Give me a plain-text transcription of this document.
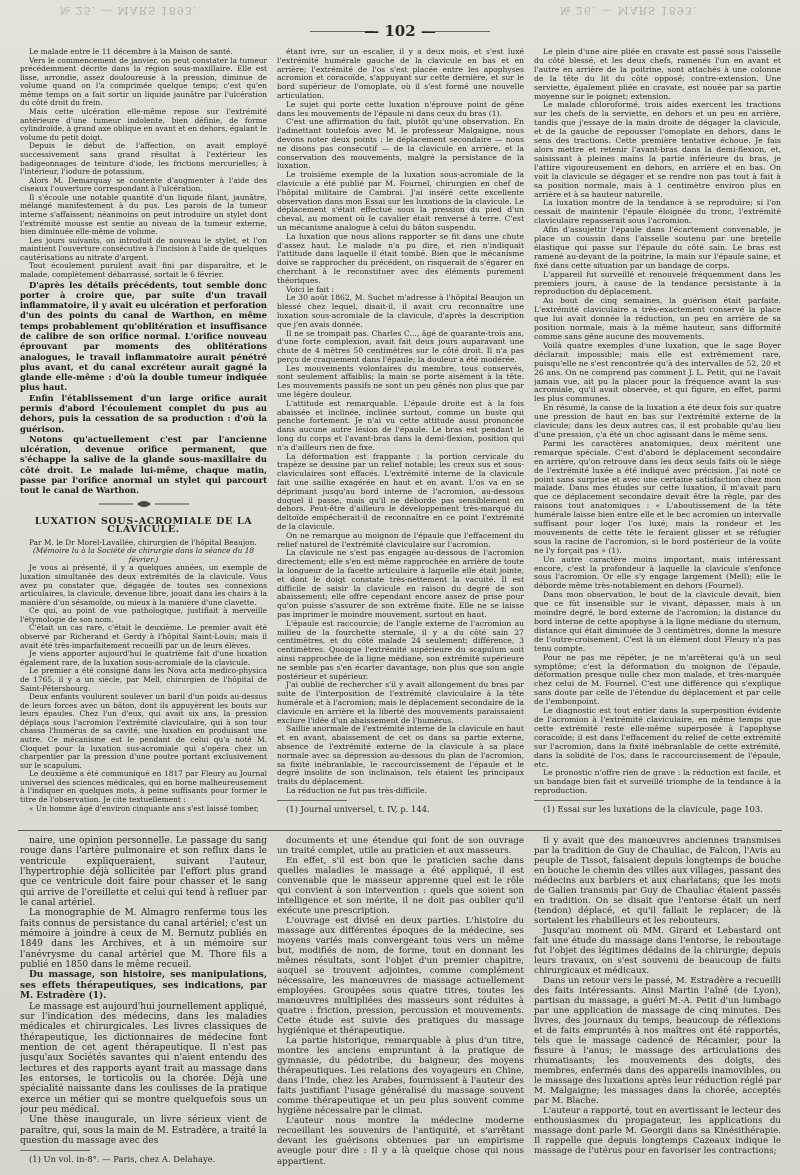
№ 25. — MARS 1893.	№ 26. — MARS 1893.
— 102 —

Le malade entre le 11 décembre à la Maison de santé.

Vers le commencement de janvier, on peut constater la tumeur précédemment décrite dans la région sous-maxillaire. Elle est lisse, arrondie, assez douloureuse à la pression, diminue de volume quand on l'a comprimée quelque temps; c'est qu'en même temps on a fait sortir un liquide jaunâtre par l'ulcération du côté droit du frein.

Mais cette ulcération elle-même repose sur l'extrémité antérieure d'une tumeur indolente, bien définie, de forme cylindroïde, à grand axe oblique en avant et en dehors, égalant le volume du petit doigt.

Depuis le début de l'affection, on avait employé successivement sans grand résultat à l'extérieur les badigeonnages de teinture d'iode, les frictions mercurielles; à l'intérieur, l'iodure de potassium.

Alors M. Demarquay se contente d'augmenter à l'aide des ciseaux l'ouverture correspondant à l'ulcération.

Il s'écoule une notable quantité d'un liquide filant, jaunâtre, mélangé manifestement à du pus. Les parois de la tumeur interne s'affaissent; néanmoins on peut introduire un stylet dont l'extrémité mousse est sentie au niveau de la tumeur externe, bien diminuée elle-même de volume.

Les jours suivants, on introduit de nouveau le stylet, et l'on maintient l'ouverture consécutive à l'incision à l'aide de quelques cautérisations au nitrate d'argent.

Tout écoulement purulent avait fini par disparaître, et le malade, complètement débarrassé, sortait le 6 février.

D'après les détails précédents, tout semble donc porter à croire que, par suite d'un travail inflammatoire, il y avait eu ulcération et perforation d'un des points du canal de Warthon, en même temps probablement qu'oblitération et insuffisance de calibre de son orifice normal. L'orifice nouveau éprouvant par moments des oblitérations analogues, le travail inflammatoire aurait pénétré plus avant, et du canal excréteur aurait gagné la glande elle-même : d'où la double tumeur indiquée plus haut.

Enfin l'établissement d'un large orifice aurait permis d'abord l'écoulement complet du pus au dehors, puis la cessation de sa production : d'où la guérison.

Notons qu'actuellement c'est par l'ancienne ulcération, devenue orifice permanent, que s'échappe la salive de la glande sous-maxillaire du côté droit. Le malade lui-même, chaque matin, passe par l'orifice anormal un stylet qui parcourt tout le canal de Warthon.

LUXATION SOUS-ACROMIALE DE LA CLAVICULE.

Par M. le Dr Morel-Lavallée, chirurgien de l'hôpital Beaujon.

(Mémoire lu à la Société de chirurgie dans la séance du 18 février.)

Je vous ai présenté, il y a quelques années, un exemple de luxation simultanée des deux extrémités de la clavicule. Vous avez pu constater que, dégagée de toutes ses connexions articulaires, la clavicule, devenue libre, jouait dans les chairs à la manière d'un sésamoïde, ou mieux à la manière d'une clavette.

Ce qui, au point de vue pathologique, justifiait à merveille l'étymologie de son nom.

C'était un cas rare, c'était le deuxième. Le premier avait été observé par Richerand et Gerdy à l'hôpital Saint-Louis; mais il avait été très-imparfaitement recueilli par un de leurs élèves.

Je viens apporter aujourd'hui le quatrième fait d'une luxation également rare, de la luxation sous-acromiale de la clavicule.

Le premier a été consigné dans les Nova acta medico-physica de 1765, il y a un siècle, par Mell, chirurgien de l'hôpital de Saint-Pétersbourg.

Deux enfants voulurent soulever un baril d'un poids au-dessus de leurs forces avec un bâton, dont ils appuyèrent les bouts sur leurs épaules. Chez l'un d'eux, qui avait six ans, la pression déplaça sous l'acromion l'extrémité claviculaire, qui à son tour chassa l'humérus de sa cavité, une luxation en produisant une autre. Ce mécanisme est le pendant de celui qu'a noté M. Cloquet pour la luxation sus-acromiale qui s'opéra chez un charpentier par la pression d'une poutre portant exclusivement sur le scapulum.

Le deuxième a été communiqué en 1817 par Fleury au Journal universel des sciences médicales, qui en borne malheureusement à l'indiquer en quelques mots, à peine suffisants pour former le titre de l'observation. Je cite textuellement :

« Un homme âgé d'environ cinquante ans s'est laissé tomber,

étant ivre, sur un escalier, il y a deux mois, et s'est luxé l'extrémité humérale gauche de la clavicule en bas et en arrière; l'extrémité de l'os s'est placée entre les apophyses acromion et coracoïde, s'appuyant sur cette dernière, et sur le bord supérieur de l'omoplate, où il s'est formé une nouvelle articulation.

Le sujet qui porte cette luxation n'éprouve point de gêne dans les mouvements de l'épaule ni dans ceux du bras (1).

C'est une affirmation du fait, plutôt qu'une observation. En l'admettant toutefois avec M. le professeur Malgaigne, nous devons noter deux points : le déplacement secondaire — nous ne disons pas consécutif — de la clavicule en arrière, et la conservation des mouvements, malgré la persistance de la luxation.

Le troisième exemple de la luxation sous-acromiale de la clavicule a été publié par M. Fournel, chirurgien en chef de l'hôpital militaire de Cambrai. J'ai inséré cette excellente observation dans mon Essai sur les luxations de la clavicule. Le déplacement s'était effectué sous la pression du pied d'un cheval, au moment où le cavalier était renversé à terre. C'est un mécanisme analogue à celui du bâton suspendu.

La luxation que nous allons rapporter se fit dans une chute d'assez haut. Le malade n'a pu dire, et rien n'indiquait l'attitude dans laquelle il était tombé. Bien que le mécanisme doive se rapprocher du précédent, on risquerait de s'égarer en cherchant à le reconstituer avec des éléments purement théoriques.

Voici le fait :

Le 30 août 1862, M. Suchet m'adresse à l'hôpital Beaujon un blessé chez lequel, disait-il, il avait cru reconnaître une luxation sous-acromiale de la clavicule, d'après la description que j'en avais donnée.

Il ne se trompait pas. Charles C..., âgé de quarante-trois ans, d'une forte complexion, avait fait deux jours auparavant une chute de 4 mètres 50 centimètres sur le côté droit. Il n'a pas perçu de craquement dans l'épaule; la douleur a été modérée.

Les mouvements volontaires du membre, tous conservés, sont seulement affaiblis; la main se porte aisément à la tête. Les mouvements passifs ne sont un peu gênés non plus que par une légère douleur.

L'attitude est remarquable. L'épaule droite est à la fois abaissée et inclinée, inclinée surtout, comme un buste qui penche fortement. Je n'ai vu cette attitude aussi prononcée dans aucune autre lésion de l'épaule. Le bras est pendant le long du corps et l'avant-bras dans la demi-flexion, position qui n'a d'ailleurs rien de fixe.

La déformation est frappante : la portion cervicale du trapèze se dessine par un relief notable; les creux sus et sous-claviculaires sont effacés. L'extrémité interne de la clavicule fait une saillie exagérée en haut et en avant. L'os va en se déprimant jusqu'au bord interne de l'acromion, au-dessous duquel il passe, mais qu'il ne déborde pas sensiblement en dehors. Peut-être d'ailleurs le développement très-marqué du deltoïde empêcherait-il de reconnaître en ce point l'extrémité de la clavicule.

On ne remarque au moignon de l'épaule que l'effacement du relief naturel de l'extrémité claviculaire sur l'acromion.

La clavicule ne s'est pas engagée au-dessous de l'acromion directement; elle s'en est même rapprochée en arrière de toute la longueur de la facette articulaire à laquelle elle était jointe, et dont le doigt constate très-nettement la vacuité. Il est difficile de saisir la clavicule en raison du degré de son abaissement; elle offre cependant encore assez de prise pour qu'on puisse s'assurer de son extrême fixité. Elle ne se laisse pas imprimer le moindre mouvement, surtout en haut.

L'épaule est raccourcie; de l'angle externe de l'acromion au milieu de la fourchette sternale, il y a du côté sain 27 centimètres, et du côté malade 24 seulement; différence, 3 centimètres. Quoique l'extrémité supérieure du scapulum soit ainsi rapprochée de la ligne médiane, son extrémité supérieure ne semble pas s'en écarter davantage, non plus que son angle postérieur et supérieur.

J'ai oublié de rechercher s'il y avait allongement du bras par suite de l'interposition de l'extrémité claviculaire à la tête humérale et à l'acromion; mais le déplacement secondaire de la clavicule en arrière et la liberté des mouvements paraissaient exclure l'idée d'un abaissement de l'humérus.

Saillie anormale de l'extrémité interne de la clavicule en haut et en avant, abaissement de cet os dans sa partie externe, absence de l'extrémité externe de la clavicule à sa place normale avec sa dépression au-dessous du plan de l'acromion, sa fixité inébranlable, le raccourcissement de l'épaule et le degré insolite de son inclinaison, tels étaient les principaux traits du déplacement.

La réduction ne fut pas très-difficile.

(1) Journal universel, t. IV, p. 144.

Le plein d'une aire pliée en cravate est passé sous l'aisselle du côté blessé, et les deux chefs, ramenés l'un en avant et l'autre en arrière de la poitrine, sont attachés à une colonne de la tête du lit du côté opposé; contre-extension. Une serviette, également pliée en cravate, est nouée par sa partie moyenne sur le poignet; extension.

Le malade chloroformé, trois aides exercent les tractions sur les chefs de la serviette, en dehors et un peu en arrière, tandis que j'essaye de la main droite de dégager la clavicule, et de la gauche de repousser l'omoplate en dehors, dans le sens des tractions. Cette première tentative échoue. Je fais alors mettre et retenir l'avant-bras dans la demi-flexion, et, saisissant à pleines mains la partie inférieure du bras, je l'attire vigoureusement en dehors, en arrière et en bas. On voit la clavicule se dégager et se rendre non pas tout à fait à sa position normale, mais à 1 centimètre environ plus en arrière et à sa hauteur naturelle.

La luxation montre de la tendance à se reproduire; si l'on cessait de maintenir l'épaule éloignée du tronc, l'extrémité claviculaire repasserait sous l'acromion.

Afin d'assujettir l'épaule dans l'écartement convenable, je place un coussin dans l'aisselle soutenu par une bretelle élastique qui passe sur l'épaule du côté sain. Le bras est ramené au-devant de la poitrine, la main sur l'épaule saine, et fixé dans cette situation par un bandage de corps.

L'appareil fut surveillé et renouvelé fréquemment dans les premiers jours, à cause de la tendance persistante à la reproduction du déplacement.

Au bout de cinq semaines, la guérison était parfaite. L'extrémité claviculaire a très-exactement conservé la place que lui avait donnée la réduction, un peu en arrière de sa position normale, mais à la même hauteur, sans difformité comme sans gêne aucune des mouvements.

Voilà quatre exemples d'une luxation, que le sage Boyer déclarait impossible; mais elle est extrêmement rare, puisqu'elle ne s'est rencontrée qu'à des intervalles de 52, 20 et 26 ans. On ne comprend pas comment J. L. Petit, qui ne l'avait jamais vue, ait pu la placer pour la fréquence avant la sus-acromiale, qu'il avait observée, et qui figure, en effet, parmi les plus communes.

En résumé, la cause de la luxation a été deux fois sur quatre une pression de haut en bas sur l'extrémité externe de la clavicule; dans les deux autres cas, il est probable qu'au lieu d'une pression, ç'a été un choc agissant dans le même sens.

Parmi les caractères anatomiques, deux méritent une remarque spéciale. C'est d'abord le déplacement secondaire en arrière, qu'on retrouve dans les deux seuls faits où le siège de l'extrémité luxée a été indiqué avec précision. J'ai noté ce point sans surprise et avec une certaine satisfaction chez mon malade. Dans mes études sur cette luxation, il m'avait paru que ce déplacement secondaire devait être la règle, par des raisons tout anatomiques : « L'aboutissement de la tête humérale laisse bien entre elle et le bec acromien un intervalle suffisant pour loger l'os luxé; mais la rondeur et les mouvements de cette tête le feraient glisser et se réfugier sous la racine de l'acromion, si le bord postérieur de la voûte ne l'y forçait pas » (1).

Un autre caractère moins important, mais intéressant encore, c'est la profondeur à laquelle la clavicule s'enfonce sous l'acromion. Or elle s'y engage largement (Mell); elle le déborde même très-notablement en dehors (Fournel).

Dans mon observation, le bout de la clavicule devait, bien que ce fût insensible sur le vivant, dépasser, mais à un moindre degré, le bord externe de l'acromion; la distance du bord interne de cette apophyse à la ligne médiane du sternum, distance qui était diminuée de 3 centimètres, donne la mesure de l'outre-croisement. C'est là un élément dont Fleury n'a pas tenu compte.

Pour ne pas me répéter, je ne m'arrêterai qu'à un seul symptôme; c'est la déformation du moignon de l'épaule, déformation presque nulle chez mon malade, et très-marquée chez celui de M. Fournel. C'est une différence qui s'explique sans doute par celle de l'étendue du déplacement et par celle de l'embonpoint.

Le diagnostic est tout entier dans la superposition évidente de l'acromion à l'extrémité claviculaire, en même temps que cette extrémité reste elle-même superposée à l'apophyse coracoïde; il est dans l'effacement du relief de cette extrémité sur l'acromion, dans la fixité inébranlable de cette extrémité, dans la solidité de l'os, dans le raccourcissement de l'épaule, etc.

Le pronostic n'offre rien de grave : la réduction est facile, et un bandage bien fait et surveillé triomphe de la tendance à la reproduction.

(1) Essai sur les luxations de la clavicule, page 103.

naire, une opinion personnelle. Le passage du sang rouge dans l'artère pulmonaire et son reflux dans le ventricule expliqueraient, suivant l'auteur, l'hypertrophie déjà sollicitée par l'effort plus grand que ce ventricule doit faire pour chasser et le sang qui arrive de l'oreillette et celui qui tend à refluer par le canal artériel.

La monographie de M. Almagro renferme tous les faits connus de persistance du canal artériel; c'est un mémoire à joindre à ceux de M. Bernutz publiés en 1849 dans les Archives, et à un mémoire sur l'anévrysme du canal artériel que M. Thore fils a publié en 1850 dans le même recueil.

Du massage, son histoire, ses manipulations, ses effets thérapeutiques, ses indications, par M. Estradère (1).

Le massage est aujourd'hui journellement appliqué, sur l'indication des médecins, dans les maladies médicales et chirurgicales. Les livres classiques de thérapeutique, les dictionnaires de médecine font mention de cet agent thérapeutique. Il n'est pas jusqu'aux Sociétés savantes qui n'aient entendu des lectures et des rapports ayant trait au massage dans les entorses, le torticolis ou la chorée. Déjà une spécialité naissante dans les coulisses de la pratique exerce un métier qui se montre quelquefois sous un jour peu médical.

Une thèse inaugurale, un livre sérieux vient de paraître, qui, sous la main de M. Estradère, a traité la question du massage avec des

(1) Un vol. in-8°. — Paris, chez A. Delahaye.

documents et une étendue qui font de son ouvrage un traité complet, utile au praticien et aux masseurs.

En effet, s'il est bon que le praticien sache dans quelles maladies le massage a été appliqué, il est convenable que le masseur apprenne quel est le rôle qui convient à son intervention : quels que soient son intelligence et son mérite, il ne doit pas oublier qu'il exécute une prescription.

L'ouvrage est divisé en deux parties. L'histoire du massage aux différentes époques de la médecine, ses moyens variés mais convergeant tous vers un même but, modifiés de nom, de forme, tout en donnant les mêmes résultats, sont l'objet d'un premier chapitre, auquel se trouvent adjointes, comme complément nécessaire, les manœuvres de massage actuellement employées. Groupées sous quatre titres, toutes les manœuvres multipliées des masseurs sont réduites à quatre : friction, pression, percussion et mouvements. Cette étude est suivie des pratiques du massage hygiénique et thérapeutique.

La partie historique, remarquable à plus d'un titre, montre les anciens empruntant à la pratique de gymnasie, du pédotribe, du baigneur, des moyens thérapeutiques. Les relations des voyageurs en Chine, dans l'Inde, chez les Arabes, fournissent à l'auteur des faits justifiant l'usage généralisé du massage souvent comme thérapeutique et un peu plus souvent comme hygiène nécessaire par le climat.

L'auteur nous montre la médecine moderne recueillant les souvenirs de l'antiquité, et s'arrêtant devant les guérisons obtenues par un empirisme aveugle pour dire : Il y a là quelque chose qui nous appartient.

Il y avait que des manœuvres anciennes transmises par la tradition de Guy de Chauliac, de Falcon, l'Avis au peuple de Tissot, faisaient depuis longtemps de bouche en bouche le chemin des villes aux villages, passant des médecins aux barbiers et aux charlatans; que les mots de Galien transmis par Guy de Chauliac étaient passés en tradition. On se disait que l'entorse était un nerf (tendon) déplacé, et qu'il fallait le replacer; de là sortaient les rhabilleurs et les rebouteurs.

Jusqu'au moment où MM. Girard et Lebastard ont fait une étude du massage dans l'entorse, le reboutage fut l'objet des légitimes dédains de la chirurgie; depuis leurs travaux, on s'est souvenu de beaucoup de faits chirurgicaux et médicaux.

Dans un retour vers le passé, M. Estradère a recueilli des faits intéressants. Ainsi Martin l'aîné (de Lyon), partisan du massage, a guéri M.-A. Petit d'un lumbago par une application de massage de cinq minutes. Des livres, des journaux du temps, beaucoup de réflexions et de faits empruntés à nos maîtres ont été rapportés, tels que le massage cadencé de Récamier, pour la fissure à l'anus; le massage des articulations des rhumatisants; les mouvements des doigts, des membres, enfermés dans des appareils inamovibles, ou le massage des luxations après leur réduction réglé par M. Malgaigne; les massages dans la chorée, acceptés par M. Blache.

L'auteur a rapporté, tout en avertissant le lecteur des enthousiasmes du propagateur, les applications du massage dont parle M. Georgii dans sa Kinésithérapie. Il rappelle que depuis longtemps Cazeaux indique le massage de l'utérus pour en favoriser les contractions;
